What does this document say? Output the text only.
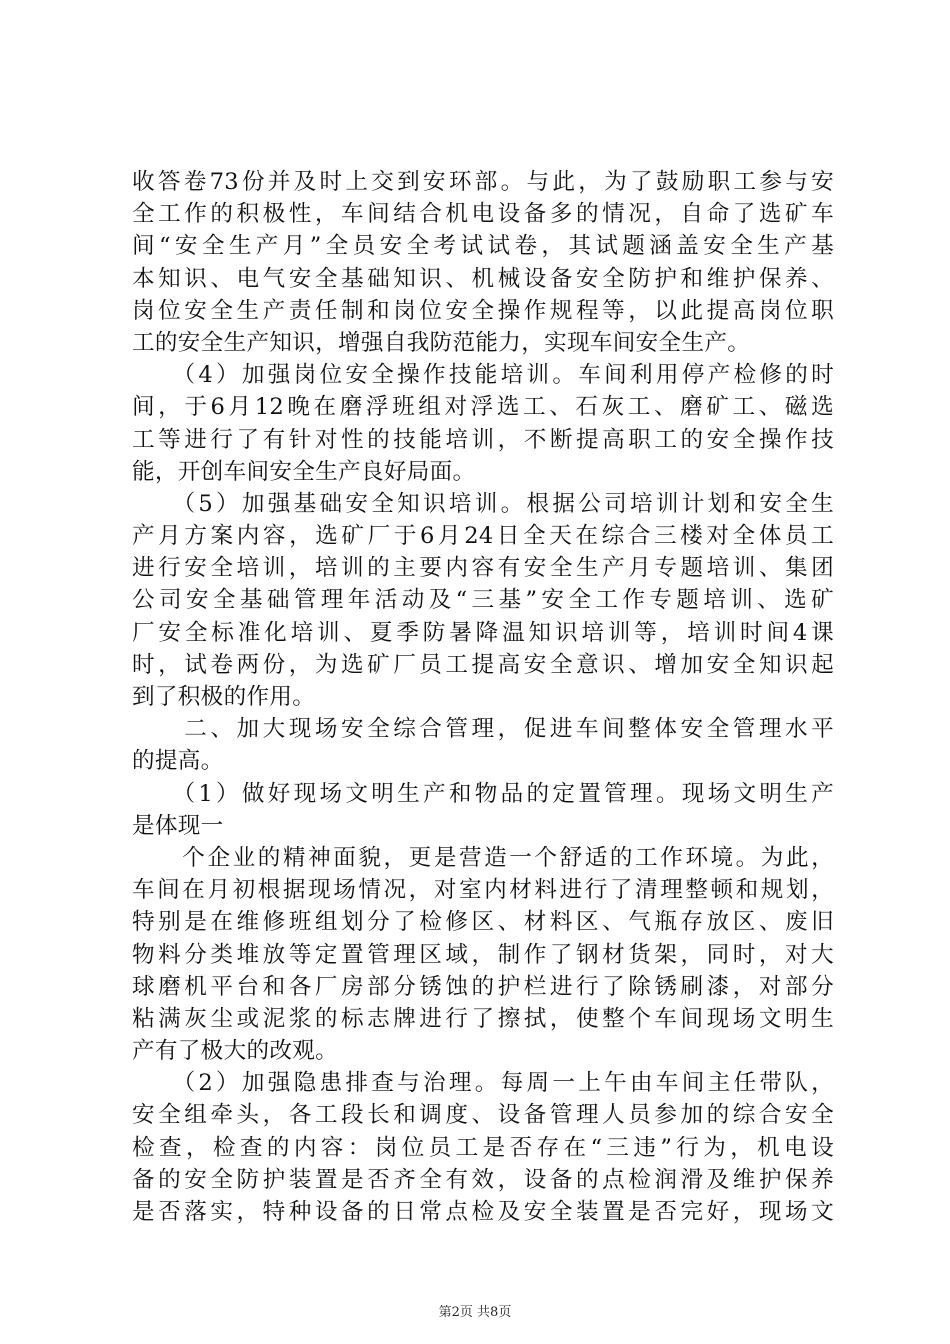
收答卷73份并及时上交到安环部。与此，为了鼓励职工参与安
全工作的积极性，车间结合机电设备多的情况，自命了选矿车
间“安全生产月”全员安全考试试卷，其试题涵盖安全生产基
本知识、电气安全基础知识、机械设备安全防护和维护保养、
岗位安全生产责任制和岗位安全操作规程等，以此提高岗位职
工的安全生产知识，增强自我防范能力，实现车间安全生产。
　　（4）加强岗位安全操作技能培训。车间利用停产检修的时
间，于6月12晚在磨浮班组对浮选工、石灰工、磨矿工、磁选
工等进行了有针对性的技能培训，不断提高职工的安全操作技
能，开创车间安全生产良好局面。
　　（5）加强基础安全知识培训。根据公司培训计划和安全生
产月方案内容，选矿厂于6月24日全天在综合三楼对全体员工
进行安全培训，培训的主要内容有安全生产月专题培训、集团
公司安全基础管理年活动及“三基”安全工作专题培训、选矿
厂安全标准化培训、夏季防暑降温知识培训等，培训时间4课
时，试卷两份，为选矿厂员工提高安全意识、增加安全知识起
到了积极的作用。
　　二、加大现场安全综合管理，促进车间整体安全管理水平
的提高。
　　（1）做好现场文明生产和物品的定置管理。现场文明生产
是体现一
　　个企业的精神面貌，更是营造一个舒适的工作环境。为此，
车间在月初根据现场情况，对室内材料进行了清理整顿和规划，
特别是在维修班组划分了检修区、材料区、气瓶存放区、废旧
物料分类堆放等定置管理区域，制作了钢材货架，同时，对大
球磨机平台和各厂房部分锈蚀的护栏进行了除锈刷漆，对部分
粘满灰尘或泥浆的标志牌进行了擦拭，使整个车间现场文明生
产有了极大的改观。
　　（2）加强隐患排查与治理。每周一上午由车间主任带队，
安全组牵头，各工段长和调度、设备管理人员参加的综合安全
检查，检查的内容：岗位员工是否存在“三违”行为，机电设
备的安全防护装置是否齐全有效，设备的点检润滑及维护保养
是否落实，特种设备的日常点检及安全装置是否完好，现场文
第2页 共8页
